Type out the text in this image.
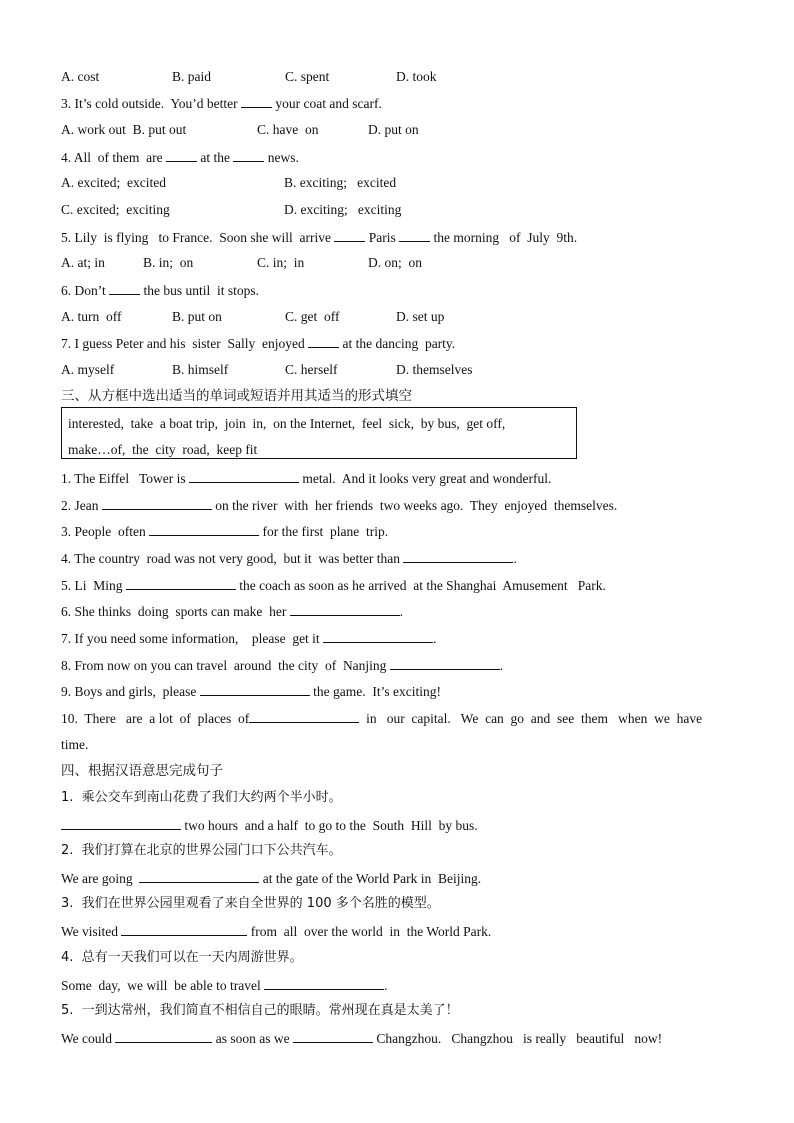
A. cost	B. paid	C. spent	D. took
3. It’s cold outside.  You’d better	your coat and scarf.
A. work out  B. put out	C. have  on	D. put on
4. All  of them  are	at the	news.
A. excited;  excited	B. exciting;   excited
C. excited;  exciting	D. exciting;   exciting
5. Lily  is flying   to France.  Soon she will  arrive	Paris	the morning   of  July  9th.
A. at; in	B. in;  on	C. in;  in	D. on;  on
6. Don’t	the bus until  it stops.
A. turn  off	B. put on	C. get  off	D. set up
7. I guess Peter and his  sister  Sally  enjoyed	at the dancing  party.
A. myself	B. himself	C. herself	D. themselves
三、从方框中选出适当的单词或短语并用其适当的形式填空
interested,  take  a boat trip,  join  in,  on the Internet,  feel  sick,  by bus,  get off,
make…of,  the  city  road,  keep fit
1. The Eiffel   Tower is	metal.  And it looks very great and wonderful.
2. Jean	on the river  with  her friends  two weeks ago.  They  enjoyed  themselves.
3. People  often	for the first  plane  trip.
4. The country  road was not very good,  but it  was better than	.
5. Li  Ming	the coach as soon as he arrived  at the Shanghai  Amusement   Park.
6. She thinks  doing  sports can make  her	.
7. If you need some information,    please  get it	.
8. From now on you can travel  around  the city  of  Nanjing	.
9. Boys and girls,  please	the game.  It’s exciting!
10.  There   are  a lot  of  places  of	in   our  capital.   We  can  go  and  see  them   when  we  have
time.
四、根据汉语意思完成句子
1.  乘公交车到南山花费了我们大约两个半小时。
two hours  and a half  to go to the  South  Hill  by bus.
2.  我们打算在北京的世界公园门口下公共汽车。
We are going	at the gate of the World Park in  Beijing.
3.  我们在世界公园里观看了来自全世界的 100 多个名胜的模型。
We visited	from  all  over the world  in  the World Park.
4.  总有一天我们可以在一天内周游世界。
Some  day,  we will  be able to travel	.
5.  一到达常州，我们简直不相信自己的眼睛。常州现在真是太美了！
We could	as soon as we	Changzhou.   Changzhou   is really   beautiful   now!
